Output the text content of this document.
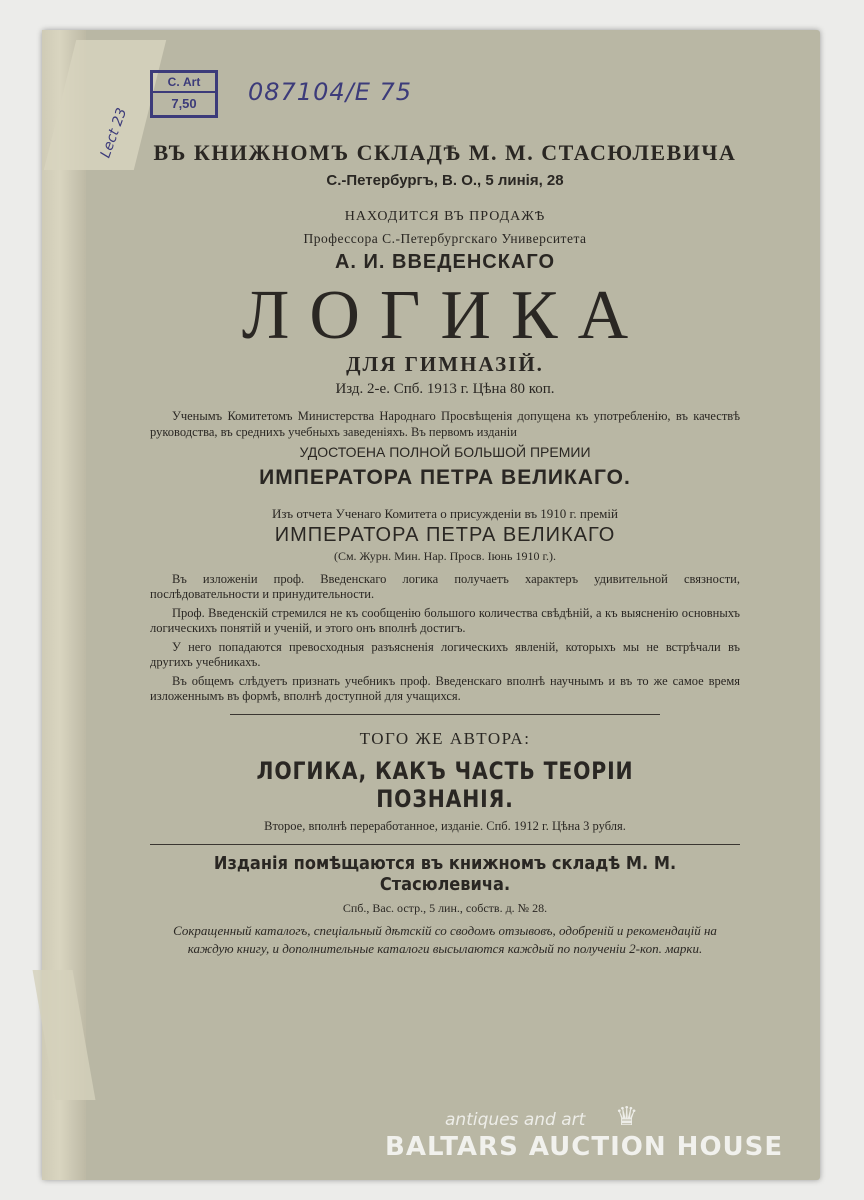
С. Art
7,50	087104/E 75
Lect 23 ВЪ КНИЖНОМЪ СКЛАДѢ М. М. СТАСЮЛЕВИЧА

С.-Петербургъ, В. О., 5 линія, 28

НАХОДИТСЯ ВЪ ПРОДАЖѢ

Профессора С.-Петербургскаго Университета

А. И. ВВЕДЕНСКАГО

ЛОГИКА

ДЛЯ ГИМНАЗІЙ.

Изд. 2-е. Спб. 1913 г. Цѣна 80 коп.

Ученымъ Комитетомъ Министерства Народнаго Просвѣщенія допущена къ употребленію, въ качествѣ руководства, въ среднихъ учебныхъ заведеніяхъ. Въ первомъ изданіи

УДОСТОЕНА ПОЛНОЙ БОЛЬШОЙ ПРЕМИИ

ИМПЕРАТОРА ПЕТРА ВЕЛИКАГО.

Изъ отчета Ученаго Комитета о присужденіи въ 1910 г. премій

ИМПЕРАТОРА ПЕТРА ВЕЛИКАГО

(См. Журн. Мин. Нар. Просв. Іюнь 1910 г.).

Въ изложеніи проф. Введенскаго логика получаетъ характеръ удивительной связности, послѣдовательности и принудительности.

Проф. Введенскій стремился не къ сообщенію большого количества свѣдѣній, а къ выясненію основныхъ логическихъ понятій и ученій, и этого онъ вполнѣ достигъ.

У него попадаются превосходныя разъясненія логическихъ явленій, которыхъ мы не встрѣчали въ другихъ учебникахъ.

Въ общемъ слѣдуетъ признать учебникъ проф. Введенскаго вполнѣ научнымъ и въ то же самое время изложеннымъ въ формѣ, вполнѣ доступной для учащихся.

ТОГО ЖЕ АВТОРА:

ЛОГИКА, КАКЪ ЧАСТЬ ТЕОРІИ ПОЗНАНІЯ.

Второе, вполнѣ переработанное, изданіе. Спб. 1912 г. Цѣна 3 рубля.

Изданія помѣщаются въ книжномъ складѣ М. М. Стасюлевича.

Спб., Вас. остр., 5 лин., собств. д. № 28.

Сокращенный каталогъ, спеціальный дѣтскій со сводомъ отзывовъ, одобреній и рекомендацій на каждую книгу, и дополнительные каталоги высылаются каждый по полученіи 2-коп. марки.

♛
antiques and art
BALTARS AUCTION HOUSE
